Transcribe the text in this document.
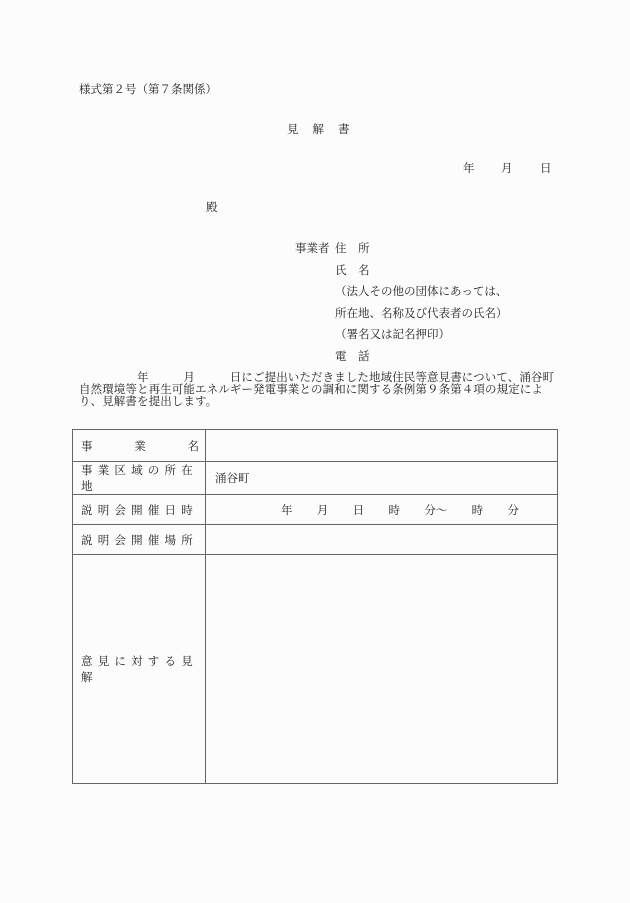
様式第２号（第７条関係）
見解書
年 月 日
殿
事業者 住　所
氏　名
（法人その他の団体にあっては、
所在地、名称及び代表者の氏名）
（署名又は記名押印）
電　話
　　　　　年　　　月　　　日にご提出いただきました地域住民等意見書について、涌谷町自然環境等と再生可能エネルギー発電事業との調和に関する条例第９条第４項の規定により、見解書を提出します。
事 業 名	

事業区域の所在地	涌谷町
説明会開催日時	年 月 日 時 分〜 時 分

説明会開催場所	
意見に対する見解	
